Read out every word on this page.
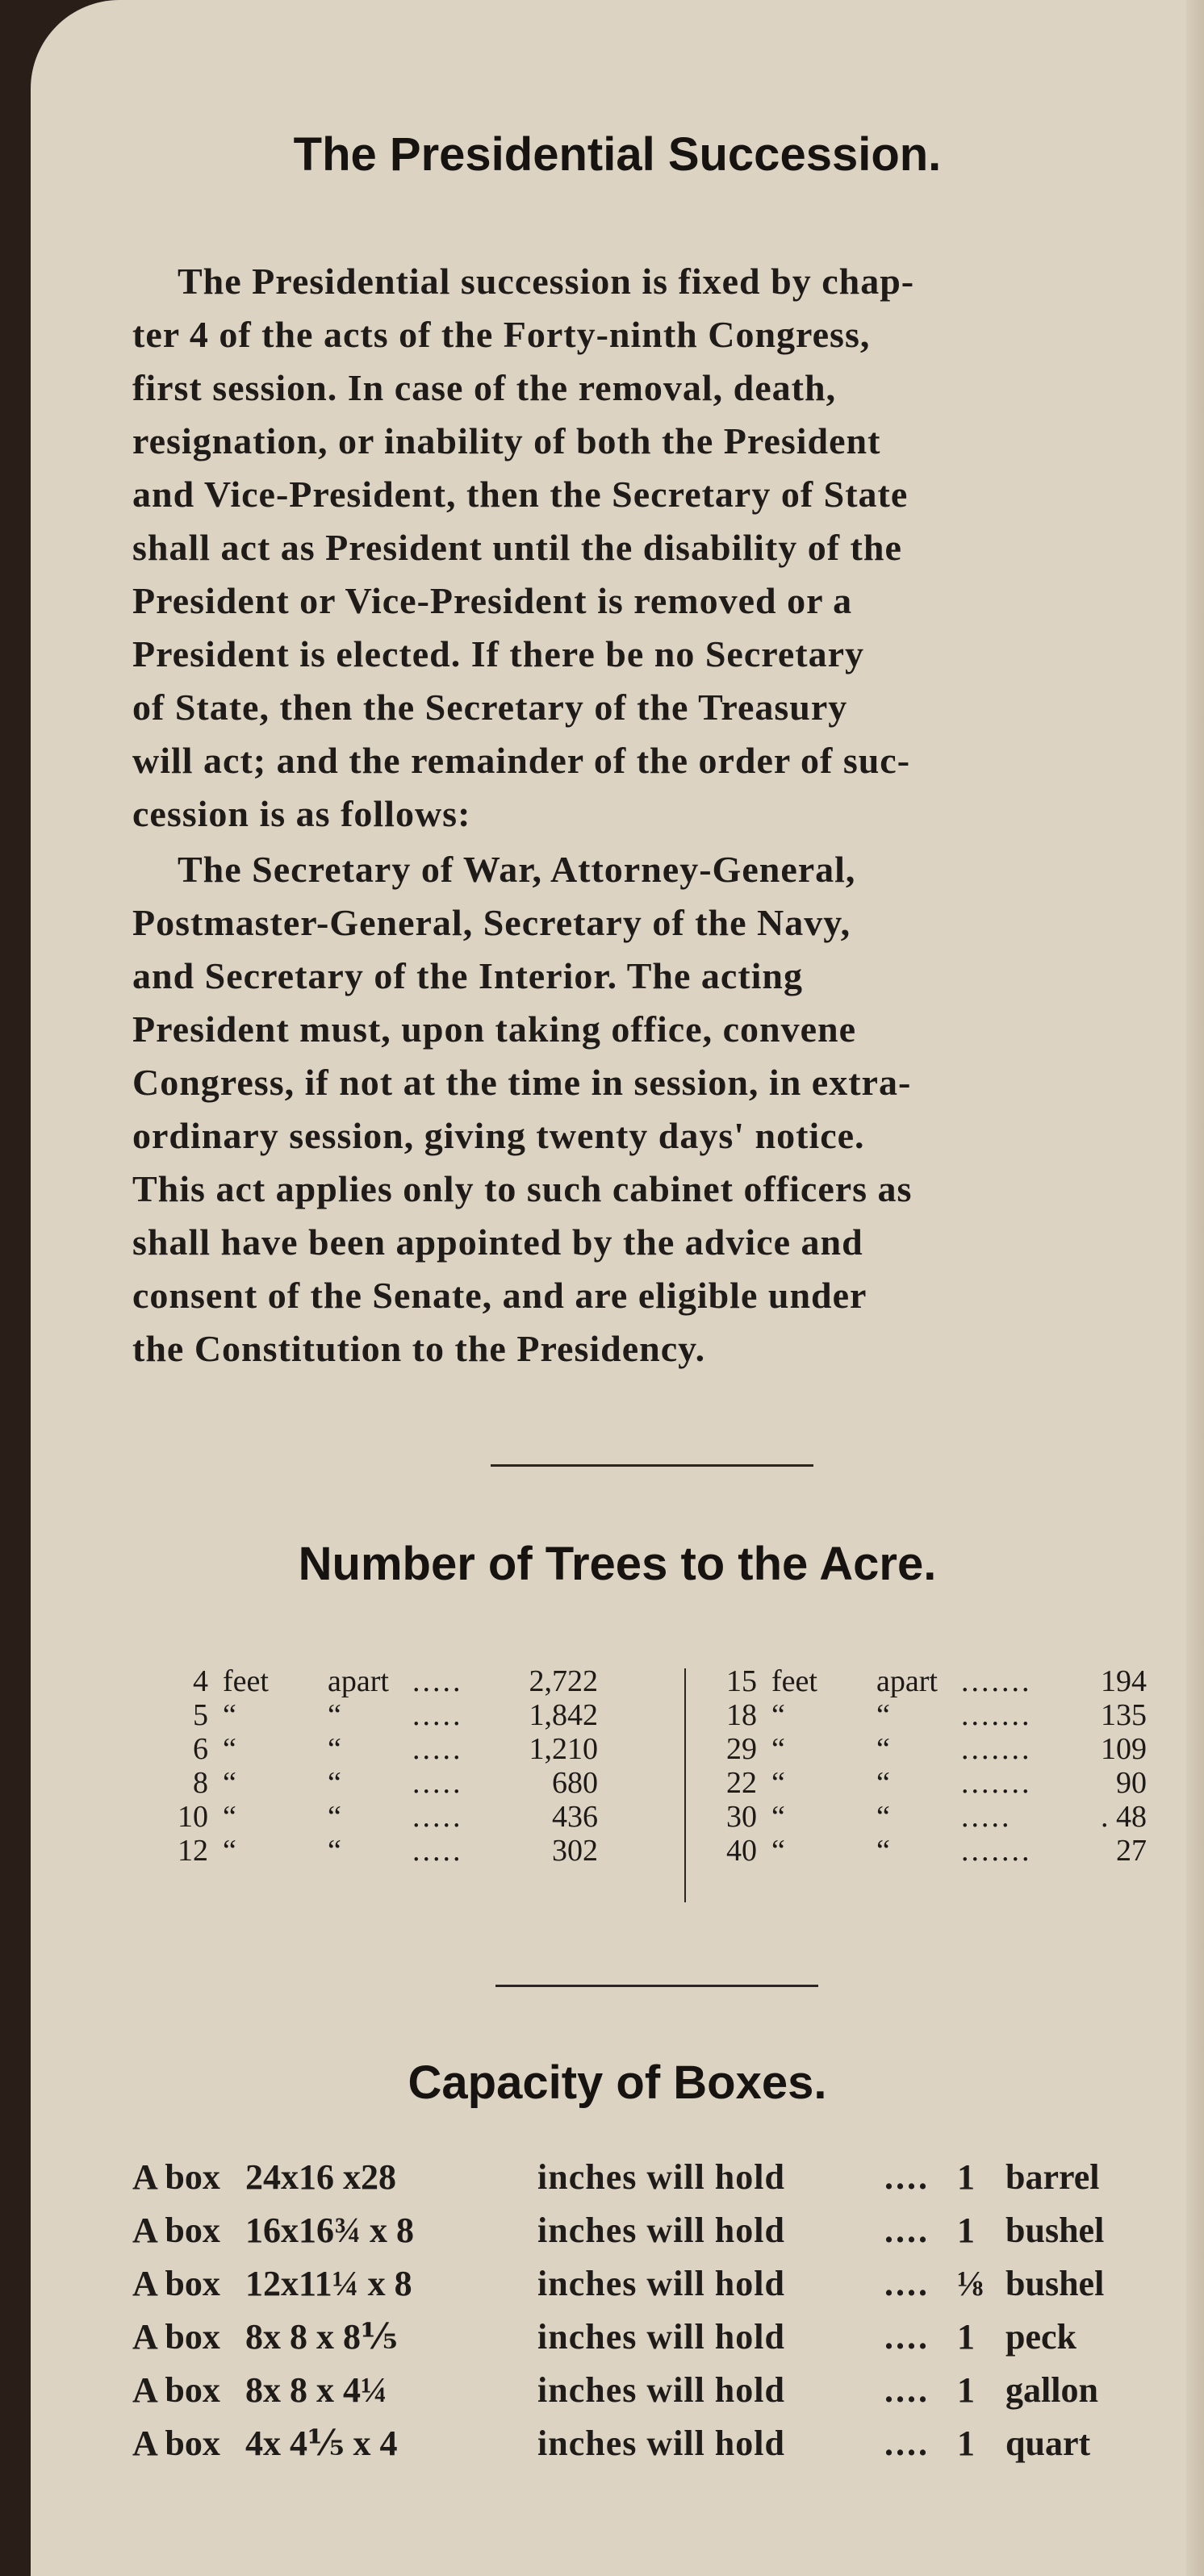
The Presidential Succession.
The Presidential succession is fixed by chap-
ter 4 of the acts of the Forty-ninth Congress,
first session. In case of the removal, death,
resignation, or inability of both the President
and Vice-President, then the Secretary of State
shall act as President until the disability of the
President or Vice-President is removed or a
President is elected. If there be no Secretary
of State, then the Secretary of the Treasury
will act; and the remainder of the order of suc-
cession is as follows:
The Secretary of War, Attorney-General,
Postmaster-General, Secretary of the Navy,
and Secretary of the Interior. The acting
President must, upon taking office, convene
Congress, if not at the time in session, in extra-
ordinary session, giving twenty days' notice.
This act applies only to such cabinet officers as
shall have been appointed by the advice and
consent of the Senate, and are eligible under
the Constitution to the Presidency.
Number of Trees to the Acre.
4 feet	apart .....	2,722
5 “	“	.....	1,842
6 “	“	.....	1,210
8 “	“	.....	680
10 “	“	.....	436
12 “	“	.....	302
15 feet	apart .......	194
18 “	“	.......	135
29 “	“	.......	109
22 “	“	.......	90
30 “	“	.....	. 48
40 “	“	.......	27
Capacity of Boxes.
A box 24x16 x28	inches will hold	.... 1 barrel
A box 16x16¾ x 8	inches will hold	.... 1 bushel
A box 12x11¼ x 8	inches will hold	.... ⅛ bushel
A box 8x 8 x 8⅕	inches will hold	.... 1 peck
A box 8x 8 x 4¼	inches will hold	.... 1 gallon
A box 4x 4⅕ x 4	inches will hold	.... 1 quart
